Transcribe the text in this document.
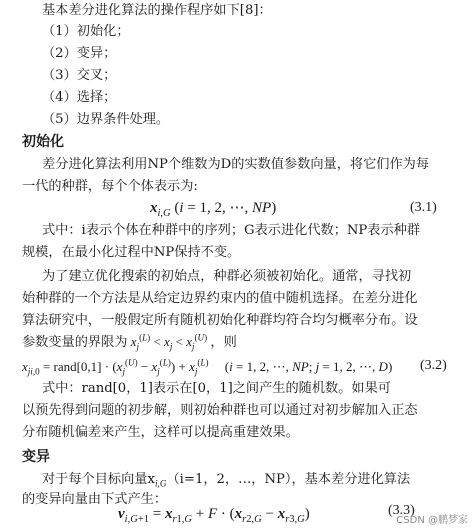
基本差分进化算法的操作程序如下[8]：
（1）初始化；
（2）变异；
（3）交叉；
（4）选择；
（5）边界条件处理。
初始化
差分进化算法利用NP个维数为D的实数值参数向量，将它们作为每
一代的种群，每个个体表示为:
$x_{i,G}$ (i = 1, 2, ⋯, NP)	(3.1)
式中：i表示个体在种群中的序列；G表示进化代数；NP表示种群
规模，在最小化过程中NP保持不变。
为了建立优化搜索的初始点，种群必须被初始化。通常，寻找初
始种群的一个方法是从给定边界约束内的值中随机选择。在差分进化
算法研究中，一般假定所有随机初始化种群均符合均匀概率分布。设
参数变量的界限为 $x_j^{(L)} < x_j < x_j^{(U)}$ ，则
$x_{ji,0}$ = rand[0,1] · $(x_j^{(U)} - x_j^{(L)}) + x_j^{(L)}$     (i = 1, 2, ⋯, NP; j = 1, 2, ⋯, D) (3.2)
式中：rand[0，1]表示在[0，1]之间产生的随机数。如果可
以预先得到问题的初步解，则初始种群也可以通过对初步解加入正态
分布随机偏差来产生，这样可以提高重建效果。
变异
对于每个目标向量$x_{i,G}(i=1$，2，…，NP），基本差分进化算法
的变异向量由下式产生：
$v_{i,G+1} = x_{r1,G} + F \cdot (x_{r2,G} - x_{r3,G})$	(3.3)
CSDN @鹏梦家
